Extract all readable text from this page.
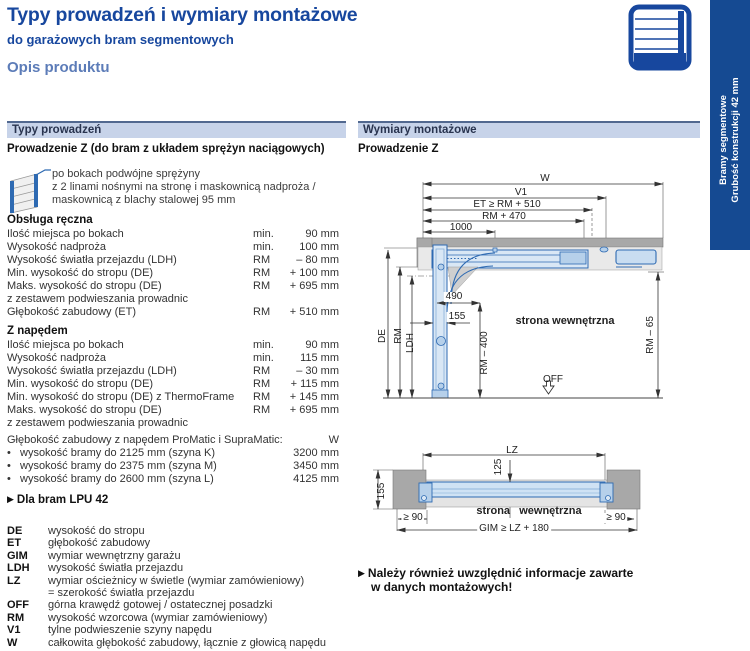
Typy prowadzeń i wymiary montażowe
do garażowych bram segmentowych
Opis produktu
Bramy segmentowe Grubość konstrukcji 42 mm
Typy prowadzeń
Prowadzenie Z (do bram z układem sprężyn naciągowych)
po bokach podwójne sprężyny
z 2 linami nośnymi na stronę i maskownicą nadproża /
maskownicą z blachy stalowej 95 mm
Obsługa ręczna
Ilość miejsca po bokach	min.	90 mm
Wysokość nadproża	min.	100 mm
Wysokość światła przejazdu (LDH)	RM	– 80 mm
Min. wysokość do stropu (DE)	RM	+ 100 mm
Maks. wysokość do stropu (DE)	RM	+ 695 mm
z zestawem podwieszania prowadnic
Głębokość zabudowy (ET)	RM	+ 510 mm
Z napędem
Ilość miejsca po bokach	min.	90 mm
Wysokość nadproża	min.	115 mm
Wysokość światła przejazdu (LDH)	RM	– 30 mm
Min. wysokość do stropu (DE)	RM	+ 115 mm
Min. wysokość do stropu (DE) z ThermoFrame	RM	+ 145 mm
Maks. wysokość do stropu (DE)	RM	+ 695 mm
z zestawem podwieszania prowadnic
Głębokość zabudowy z napędem ProMatic i SupraMatic:	W
• wysokość bramy do 2125 mm (szyna K)	3200 mm
• wysokość bramy do 2375 mm (szyna M)	3450 mm
• wysokość bramy do 2600 mm (szyna L)	4125 mm
▶ Dla bram LPU 42
DE	wysokość do stropu
ET	głębokość zabudowy
GIM	wymiar wewnętrzny garażu
LDH	wysokość światła przejazdu
LZ	wymiar ościeżnicy w świetle (wymiar zamówieniowy)
= szerokość światła przejazdu
OFF	górna krawędź gotowej / ostatecznej posadzki
RM	wysokość wzorcowa (wymiar zamówieniowy)
V1	tylne podwieszenie szyny napędu
W	całkowita głębokość zabudowy, łącznie z głowicą napędu
Wymiary montażowe
Prowadzenie Z
W
V1
ET ≥ RM + 510
RM + 470
1000
490
155
RM – 400	RM – 65
DE RM LDH
OFF
strona wewnętrzna
LZ
125
155
≥ 90	≥ 90
GIM ≥ LZ + 180
strona   wewnętrzna
▶ Należy również uwzględnić informacje zawarte
w danych montażowych!
